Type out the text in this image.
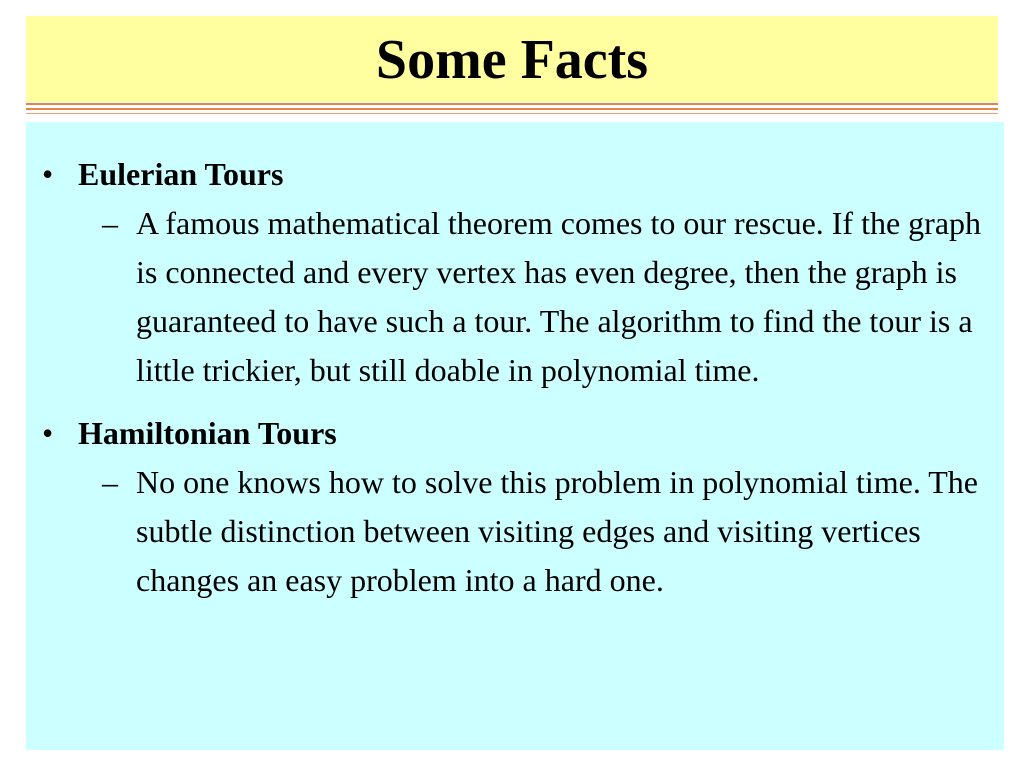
Some Facts
• Eulerian Tours
– A famous mathematical theorem comes to our rescue. If the graph is connected and every vertex has even degree, then the graph is guaranteed to have such a tour. The algorithm to find the tour is a little trickier, but still doable in polynomial time.
• Hamiltonian Tours
– No one knows how to solve this problem in polynomial time. The subtle distinction between visiting edges and visiting vertices changes an easy problem into a hard one.
